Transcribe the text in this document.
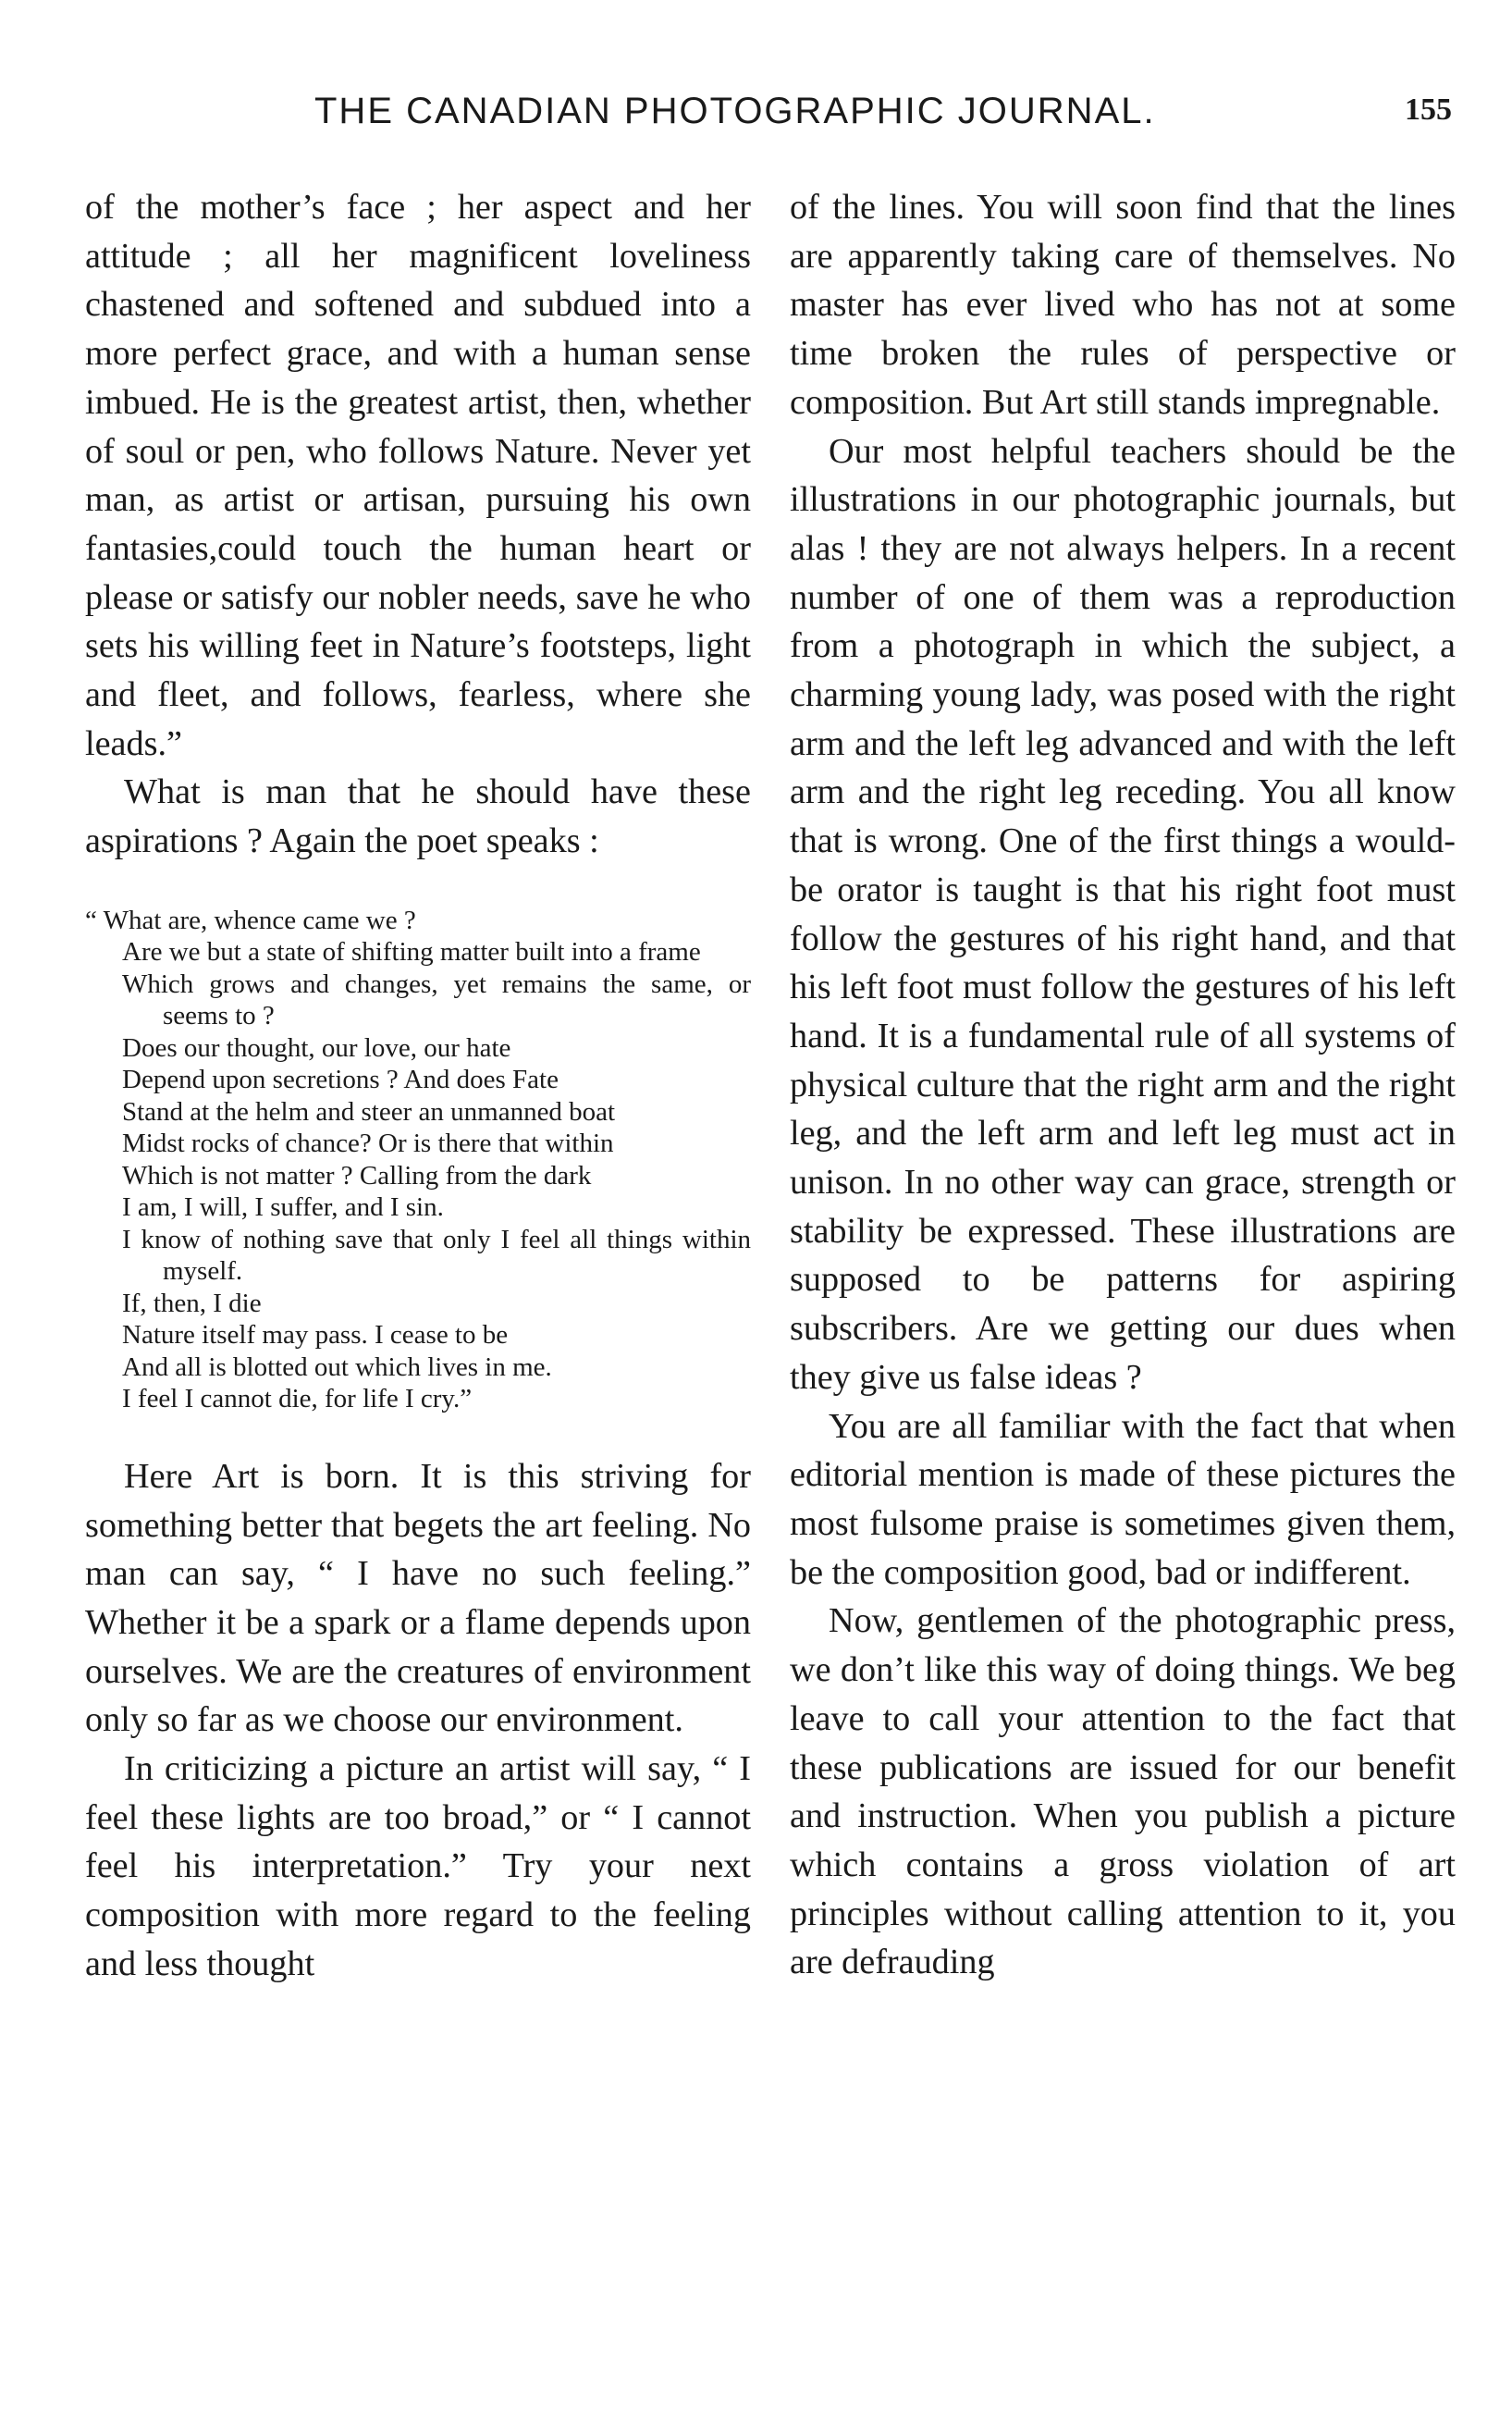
THE CANADIAN PHOTOGRAPHIC JOURNAL.	155

of the mother’s face ; her aspect and her attitude ; all her magnificent loveliness chastened and softened and subdued into a more perfect grace, and with a human sense imbued. He is the greatest artist, then, whether of soul or pen, who follows Nature. Never yet man, as artist or artisan, pursuing his own fantasies,could touch the human heart or please or satisfy our nobler needs, save he who sets his willing feet in Nature’s footsteps, light and fleet, and follows, fearless, where she leads.”

What is man that he should have these aspirations ? Again the poet speaks :

“ What are, whence came we ?
Are we but a state of shifting matter built into a frame
Which grows and changes, yet remains the same, or seems to ?
Does our thought, our love, our hate
Depend upon secretions ? And does Fate
Stand at the helm and steer an unmanned boat
Midst rocks of chance? Or is there that within
Which is not matter ? Calling from the dark
I am, I will, I suffer, and I sin.
I know of nothing save that only I feel all things within myself.
If, then, I die
Nature itself may pass. I cease to be
And all is blotted out which lives in me.
I feel I cannot die, for life I cry.”

Here Art is born. It is this striving for something better that begets the art feeling. No man can say, “ I have no such feeling.” Whether it be a spark or a flame depends upon ourselves. We are the creatures of environment only so far as we choose our environment.

In criticizing a picture an artist will say, “ I feel these lights are too broad,” or “ I cannot feel his interpretation.” Try your next composition with more regard to the feeling and less thought

of the lines. You will soon find that the lines are apparently taking care of themselves. No master has ever lived who has not at some time broken the rules of perspective or composition. But Art still stands impregnable.

Our most helpful teachers should be the illustrations in our photographic journals, but alas ! they are not always helpers. In a recent number of one of them was a reproduction from a photograph in which the subject, a charming young lady, was posed with the right arm and the left leg advanced and with the left arm and the right leg receding. You all know that is wrong. One of the first things a would-be orator is taught is that his right foot must follow the gestures of his right hand, and that his left foot must follow the gestures of his left hand. It is a fundamental rule of all systems of physical culture that the right arm and the right leg, and the left arm and left leg must act in unison. In no other way can grace, strength or stability be expressed. These illustrations are supposed to be patterns for aspiring subscribers. Are we getting our dues when they give us false ideas ?

You are all familiar with the fact that when editorial mention is made of these pictures the most fulsome praise is sometimes given them, be the composition good, bad or indifferent.

Now, gentlemen of the photographic press, we don’t like this way of doing things. We beg leave to call your attention to the fact that these publications are issued for our benefit and instruction. When you publish a picture which contains a gross violation of art principles without calling attention to it, you are defrauding
